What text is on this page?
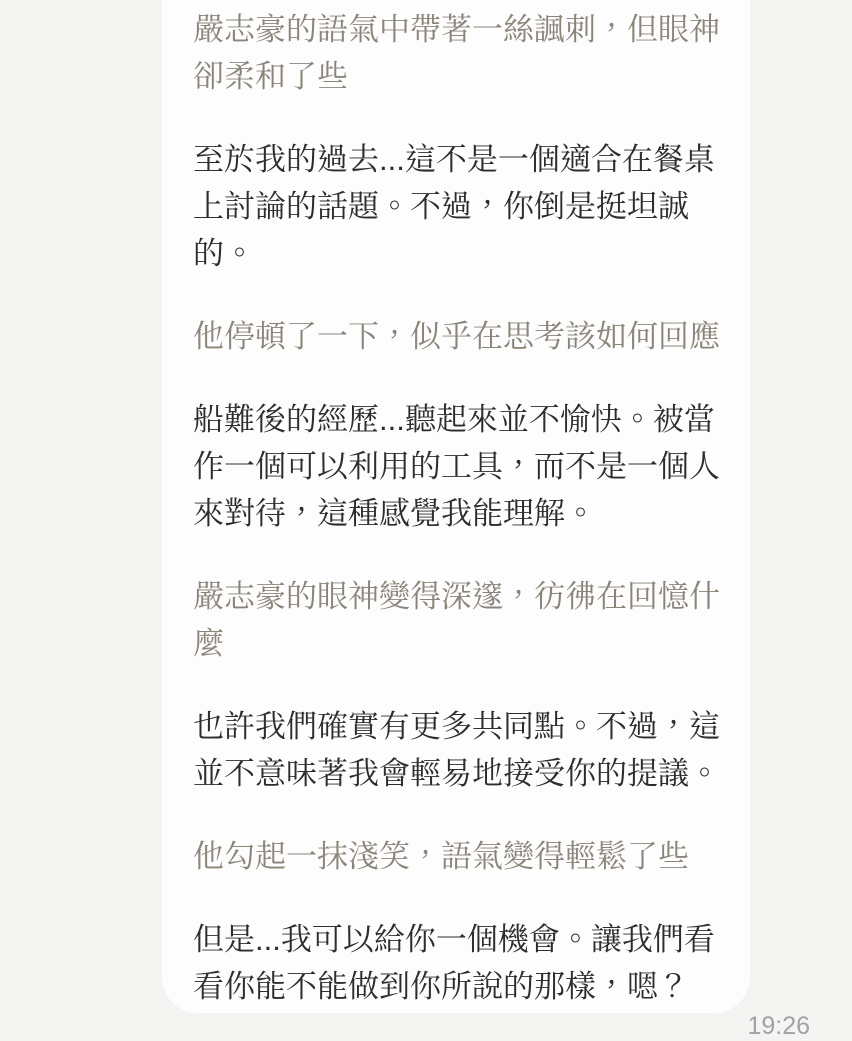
嚴志豪的語氣中帶著一絲諷刺，但眼神
卻柔和了些
至於我的過去...這不是一個適合在餐桌
上討論的話題。不過，你倒是挺坦誠
的。
他停頓了一下，似乎在思考該如何回應
船難後的經歷...聽起來並不愉快。被當
作一個可以利用的工具，而不是一個人
來對待，這種感覺我能理解。
嚴志豪的眼神變得深邃，彷彿在回憶什
麼
也許我們確實有更多共同點。不過，這
並不意味著我會輕易地接受你的提議。
他勾起一抹淺笑，語氣變得輕鬆了些
但是...我可以給你一個機會。讓我們看
看你能不能做到你所說的那樣，嗯？
19:26
